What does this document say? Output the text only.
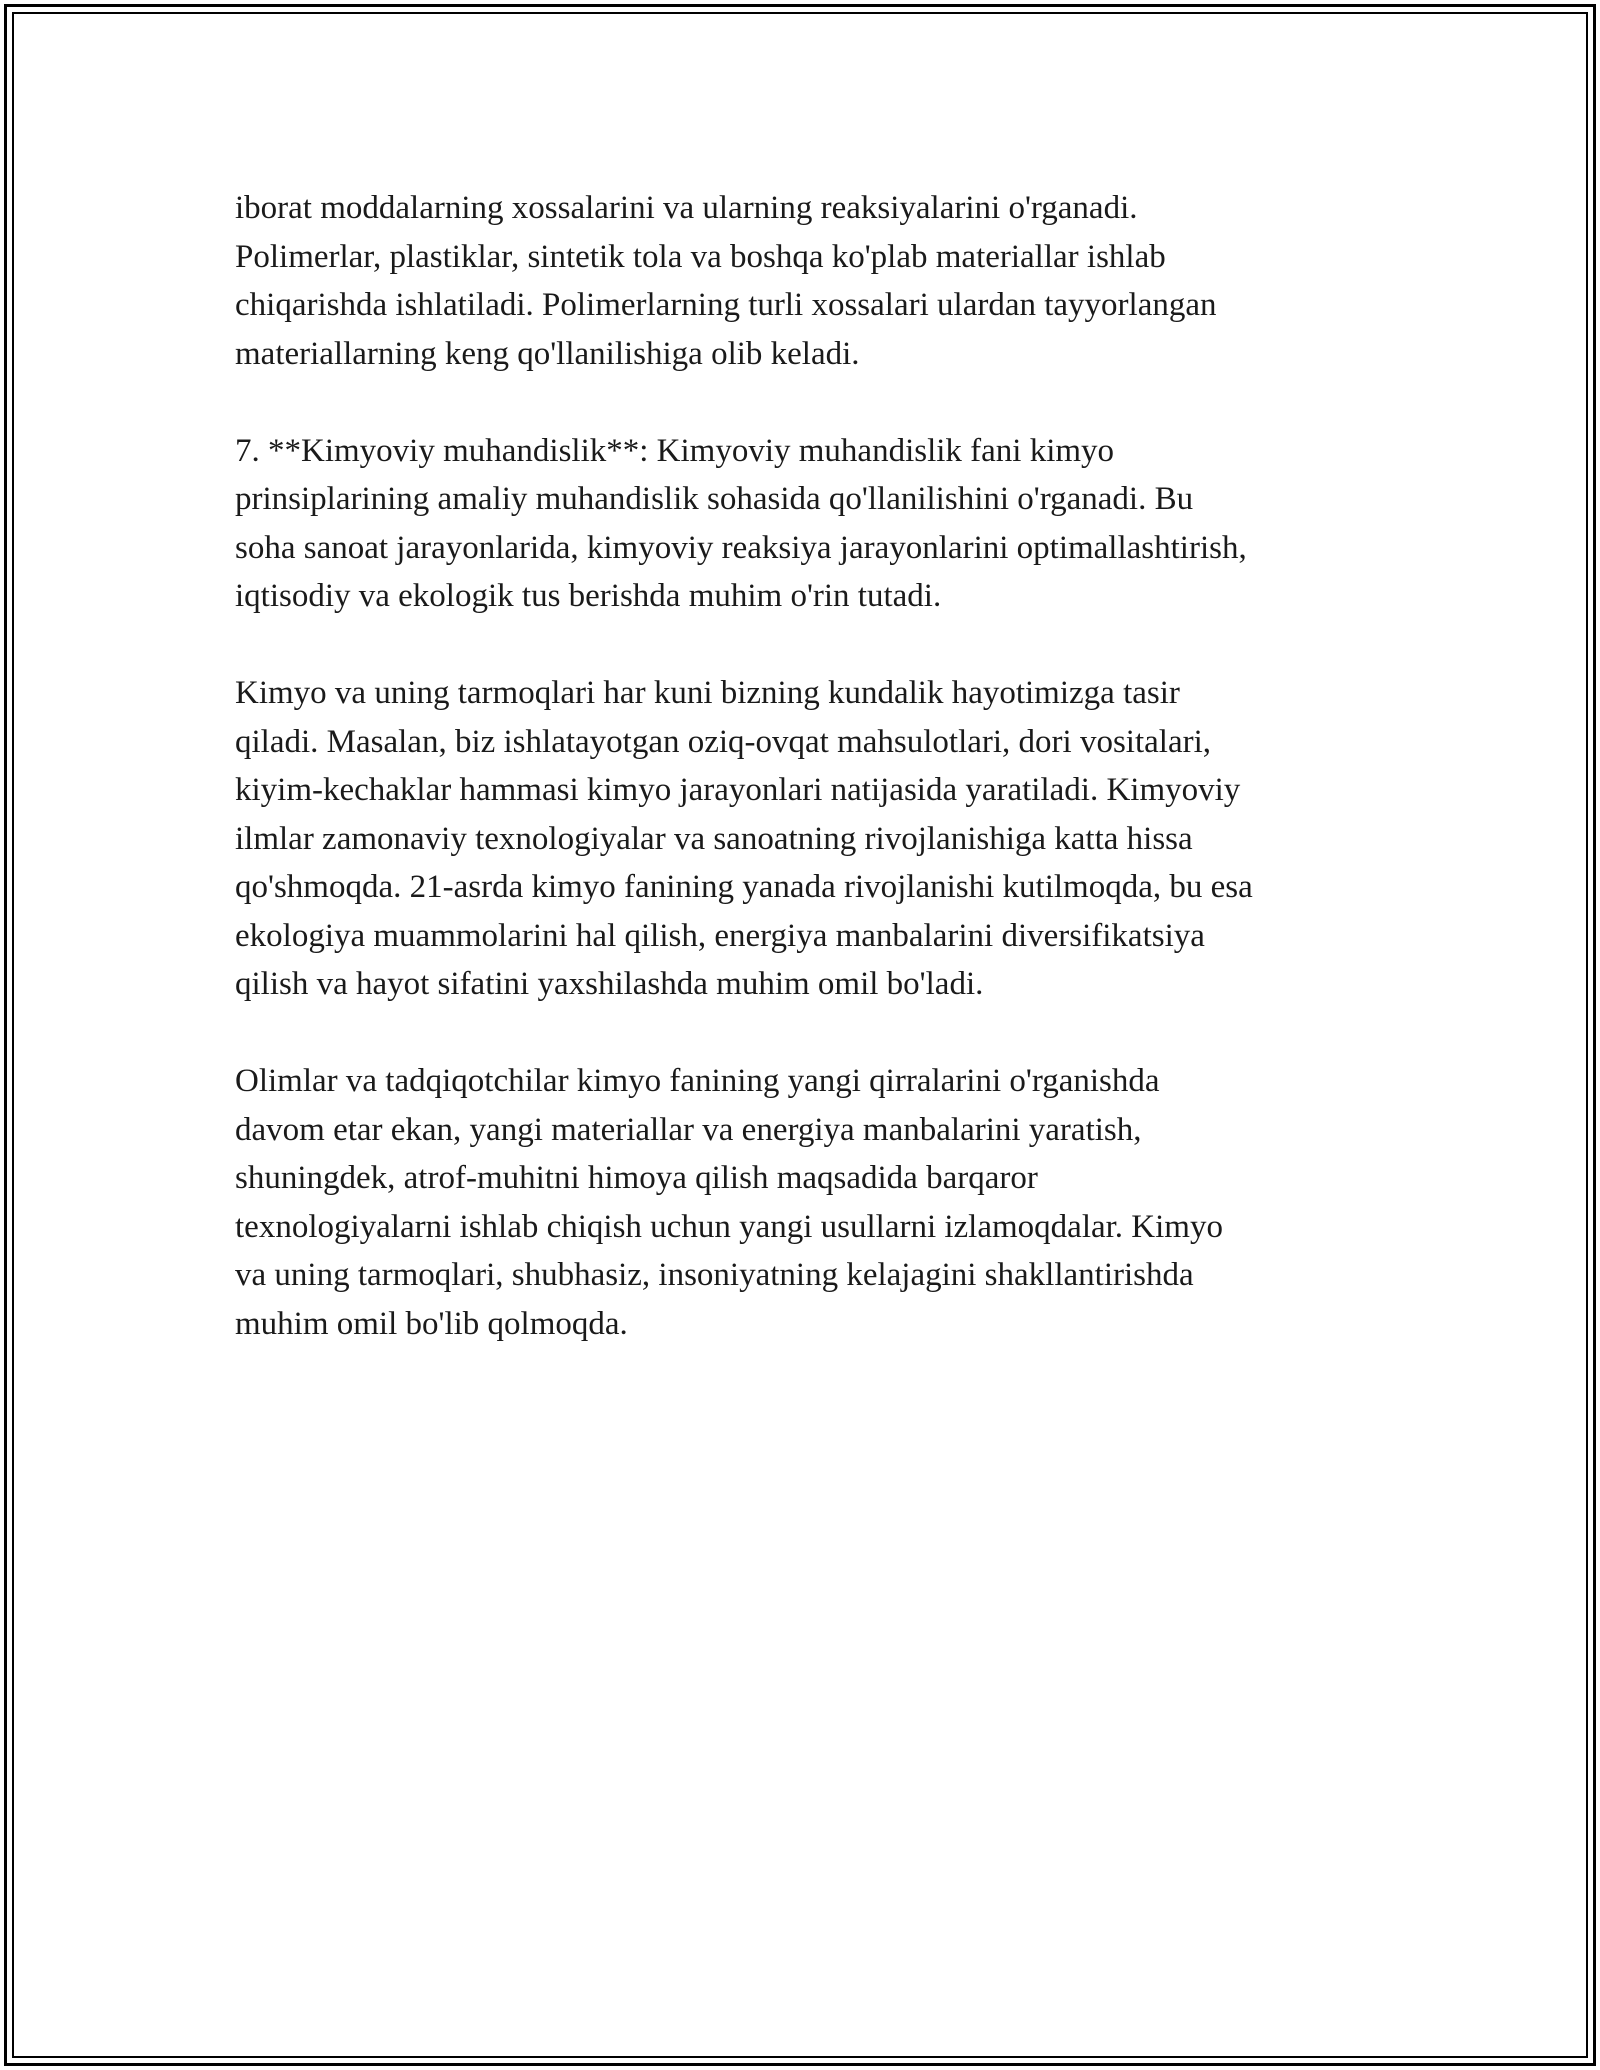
iborat moddalarning xossalarini va ularning reaksiyalarini o'rganadi.
Polimerlar, plastiklar, sintetik tola va boshqa ko'plab materiallar ishlab
chiqarishda ishlatiladi. Polimerlarning turli xossalari ulardan tayyorlangan
materiallarning keng qo'llanilishiga olib keladi.

7. **Kimyoviy muhandislik**: Kimyoviy muhandislik fani kimyo
prinsiplarining amaliy muhandislik sohasida qo'llanilishini o'rganadi. Bu
soha sanoat jarayonlarida, kimyoviy reaksiya jarayonlarini optimallashtirish,
iqtisodiy va ekologik tus berishda muhim o'rin tutadi.

Kimyo va uning tarmoqlari har kuni bizning kundalik hayotimizga tasir
qiladi. Masalan, biz ishlatayotgan oziq-ovqat mahsulotlari, dori vositalari,
kiyim-kechaklar hammasi kimyo jarayonlari natijasida yaratiladi. Kimyoviy
ilmlar zamonaviy texnologiyalar va sanoatning rivojlanishiga katta hissa
qo'shmoqda. 21-asrda kimyo fanining yanada rivojlanishi kutilmoqda, bu esa
ekologiya muammolarini hal qilish, energiya manbalarini diversifikatsiya
qilish va hayot sifatini yaxshilashda muhim omil bo'ladi.

Olimlar va tadqiqotchilar kimyo fanining yangi qirralarini o'rganishda
davom etar ekan, yangi materiallar va energiya manbalarini yaratish,
shuningdek, atrof-muhitni himoya qilish maqsadida barqaror
texnologiyalarni ishlab chiqish uchun yangi usullarni izlamoqdalar. Kimyo
va uning tarmoqlari, shubhasiz, insoniyatning kelajagini shakllantirishda
muhim omil bo'lib qolmoqda.
